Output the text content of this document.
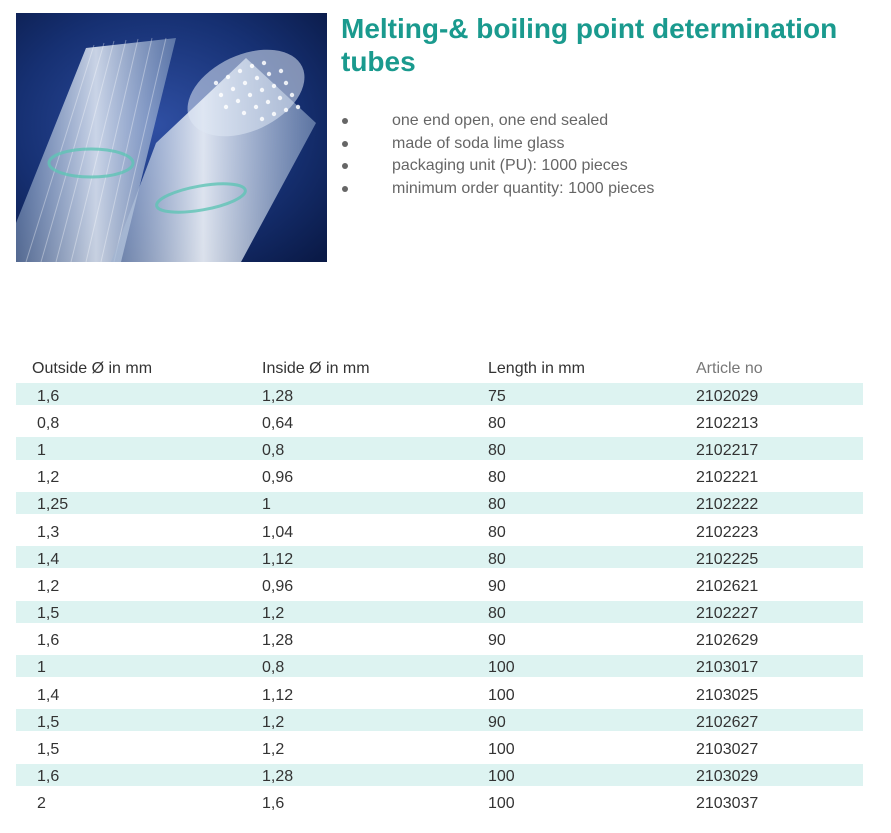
Melting-& boiling point determination tubes
one end open, one end sealed
made of soda lime glass
packaging unit (PU): 1000 pieces
minimum order quantity: 1000 pieces
Outside Ø in mm	Inside Ø in mm	Length in mm	Article no
1,6	1,28	75	2102029
0,8	0,64	80	2102213
1	0,8	80	2102217
1,2	0,96	80	2102221
1,25	1	80	2102222
1,3	1,04	80	2102223
1,4	1,12	80	2102225
1,2	0,96	90	2102621
1,5	1,2	80	2102227
1,6	1,28	90	2102629
1	0,8	100	2103017
1,4	1,12	100	2103025
1,5	1,2	90	2102627
1,5	1,2	100	2103027
1,6	1,28	100	2103029
2	1,6	100	2103037
